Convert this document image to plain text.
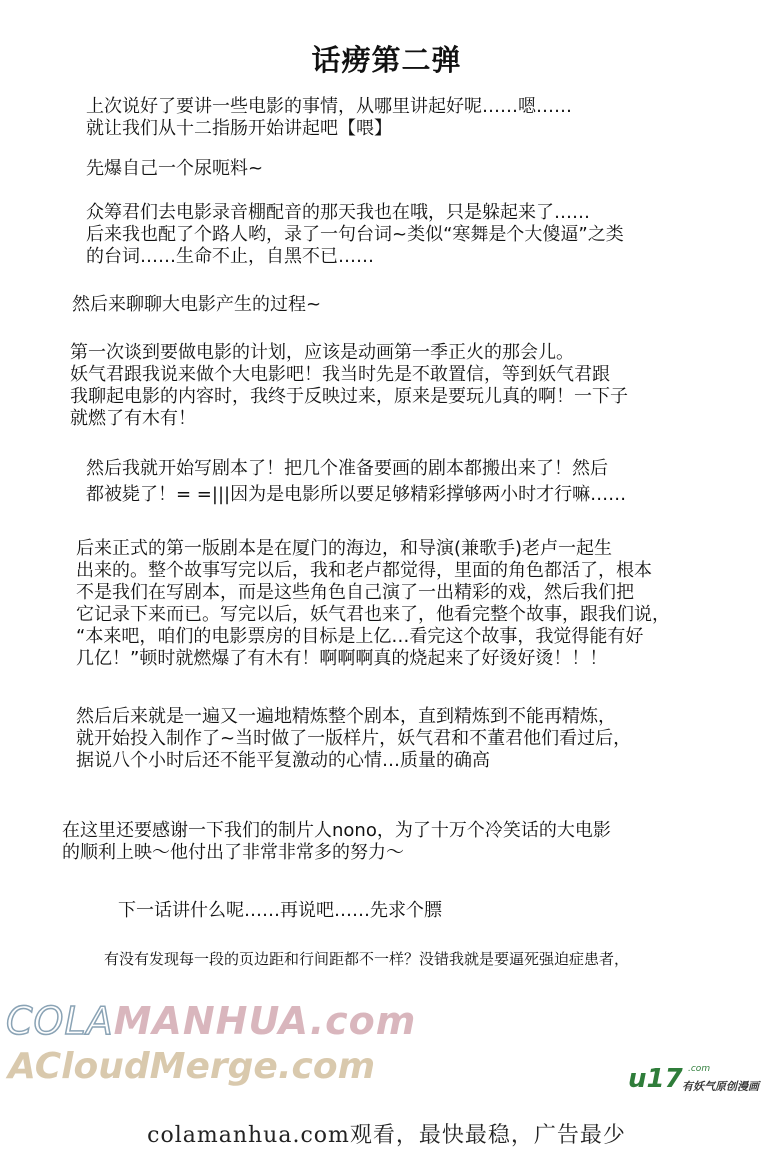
话痨第二弹
上次说好了要讲一些电影的事情，从哪里讲起好呢……嗯……
就让我们从十二指肠开始讲起吧【喂】
先爆自己一个尿呃料~
众筹君们去电影录音棚配音的那天我也在哦，只是躲起来了……
后来我也配了个路人哟，录了一句台词~类似“寒舞是个大傻逼”之类
的台词……生命不止，自黑不已……
然后来聊聊大电影产生的过程~
第一次谈到要做电影的计划，应该是动画第一季正火的那会儿。
妖气君跟我说来做个大电影吧！我当时先是不敢置信，等到妖气君跟
我聊起电影的内容时，我终于反映过来，原来是要玩儿真的啊！一下子
就燃了有木有！
然后我就开始写剧本了！把几个准备要画的剧本都搬出来了！然后
都被毙了！= =|||因为是电影所以要足够精彩撑够两小时才行嘛……
后来正式的第一版剧本是在厦门的海边，和导演(兼歌手)老卢一起生
出来的。整个故事写完以后，我和老卢都觉得，里面的角色都活了，根本
不是我们在写剧本，而是这些角色自己演了一出精彩的戏，然后我们把
它记录下来而已。写完以后，妖气君也来了，他看完整个故事，跟我们说，
“本来吧，咱们的电影票房的目标是上亿…看完这个故事，我觉得能有好
几亿！”顿时就燃爆了有木有！啊啊啊真的烧起来了好烫好烫！！！
然后后来就是一遍又一遍地精炼整个剧本，直到精炼到不能再精炼，
就开始投入制作了~当时做了一版样片，妖气君和不董君他们看过后，
据说八个小时后还不能平复激动的心情…质量的确高
在这里还要感谢一下我们的制片人nono，为了十万个冷笑话的大电影
的顺利上映～他付出了非常非常多的努力～
下一话讲什么呢……再说吧……先求个膘
有没有发现每一段的页边距和行间距都不一样？没错我就是要逼死强迫症患者，
COLAMANHUA.com
ACloudMerge.com	u17 .com
有妖气原创漫画
colamanhua.com观看，最快最稳，广告最少
